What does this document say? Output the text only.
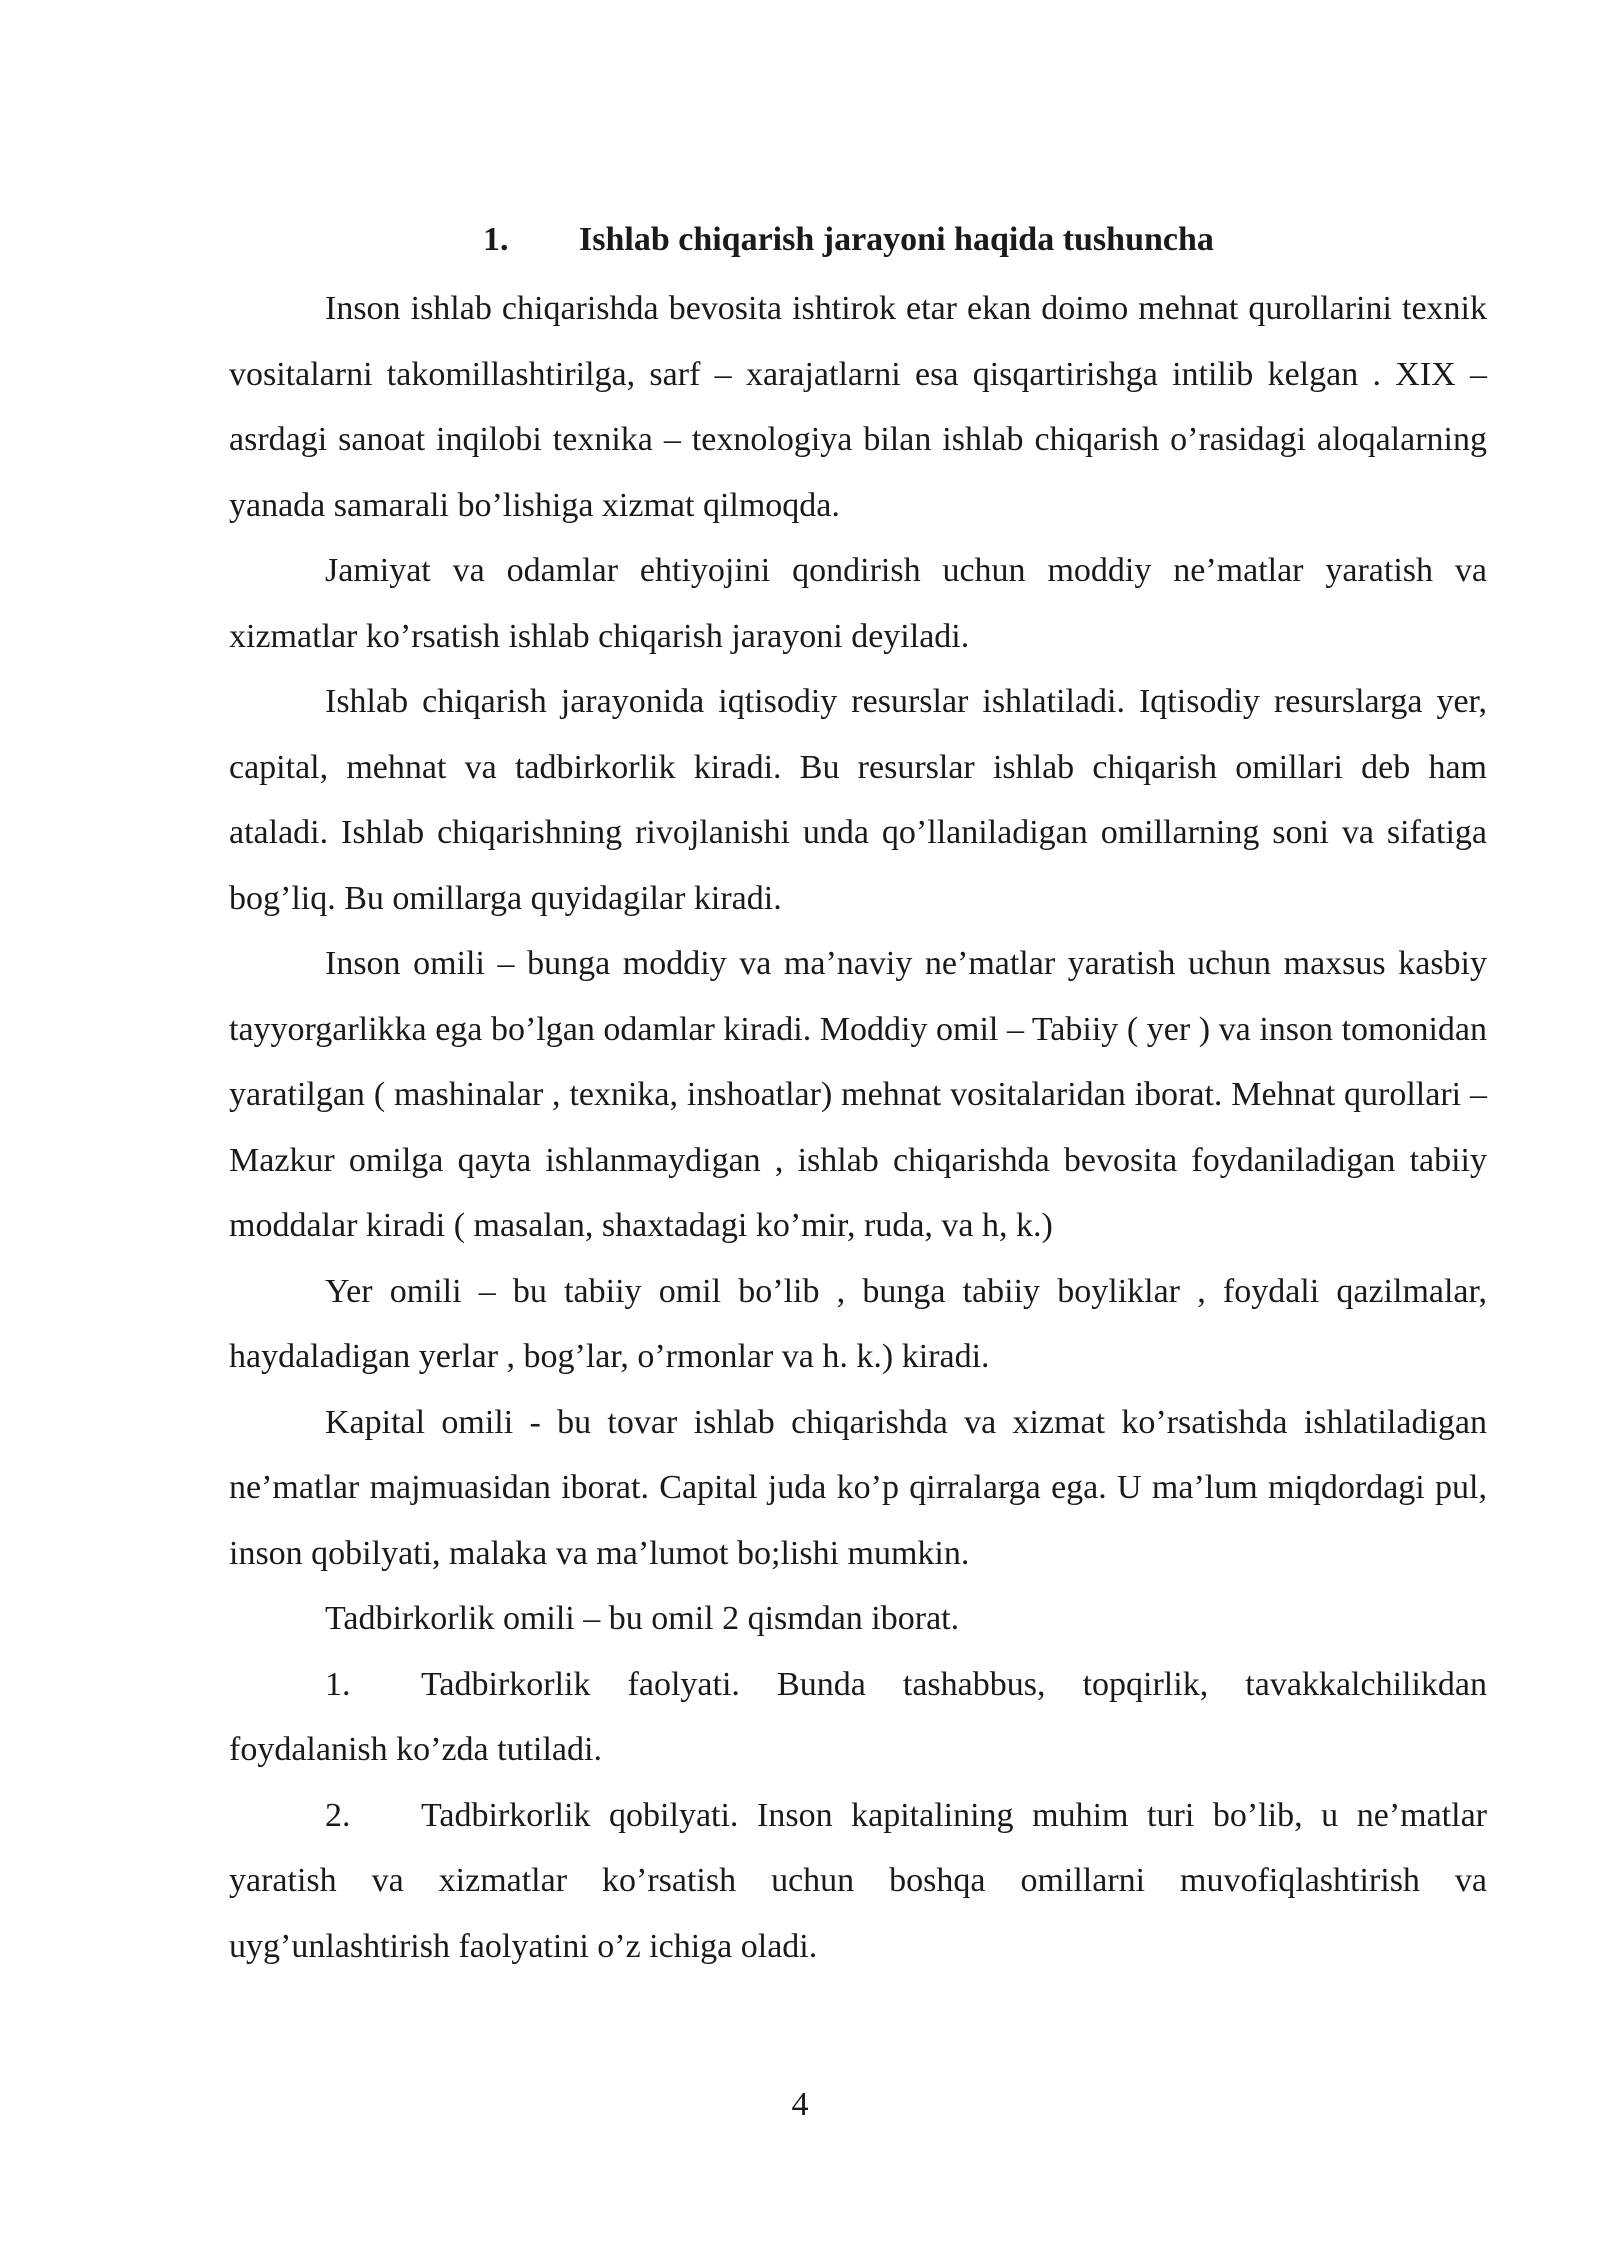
1. Ishlab chiqarish jarayoni haqida tushuncha

Inson ishlab chiqarishda bevosita ishtirok etar ekan doimo mehnat qurollarini texnik vositalarni takomillashtirilga, sarf – xarajatlarni esa qisqartirishga intilib kelgan . XIX – asrdagi sanoat inqilobi texnika – texnologiya bilan ishlab chiqarish o’rasidagi aloqalarning yanada samarali bo’lishiga xizmat qilmoqda.

Jamiyat va odamlar ehtiyojini qondirish uchun moddiy ne’matlar yaratish va xizmatlar ko’rsatish ishlab chiqarish jarayoni deyiladi.

Ishlab chiqarish jarayonida iqtisodiy resurslar ishlatiladi. Iqtisodiy resurslarga yer, capital, mehnat va tadbirkorlik kiradi. Bu resurslar ishlab chiqarish omillari deb ham ataladi. Ishlab chiqarishning rivojlanishi unda qo’llaniladigan omillarning soni va sifatiga bog’liq. Bu omillarga quyidagilar kiradi.

Inson omili – bunga moddiy va ma’naviy ne’matlar yaratish uchun maxsus kasbiy tayyorgarlikka ega bo’lgan odamlar kiradi. Moddiy omil – Tabiiy ( yer ) va inson tomonidan yaratilgan ( mashinalar , texnika, inshoatlar) mehnat vositalaridan iborat. Mehnat qurollari – Mazkur omilga qayta ishlanmaydigan , ishlab chiqarishda bevosita foydaniladigan tabiiy moddalar kiradi ( masalan, shaxtadagi ko’mir, ruda, va h, k.)

Yer omili – bu tabiiy omil bo’lib , bunga tabiiy boyliklar , foydali qazilmalar, haydaladigan yerlar , bog’lar, o’rmonlar va h. k.) kiradi.

Kapital omili - bu tovar ishlab chiqarishda va xizmat ko’rsatishda ishlatiladigan ne’matlar majmuasidan iborat. Capital juda ko’p qirralarga ega. U ma’lum miqdordagi pul, inson qobilyati, malaka va ma’lumot bo;lishi mumkin.

Tadbirkorlik omili – bu omil 2 qismdan iborat.

1. Tadbirkorlik faolyati. Bunda tashabbus, topqirlik, tavakkalchilikdan foydalanish ko’zda tutiladi.

2. Tadbirkorlik qobilyati. Inson kapitalining muhim turi bo’lib, u ne’matlar yaratish va xizmatlar ko’rsatish uchun boshqa omillarni muvofiqlashtirish va uyg’unlashtirish faolyatini o’z ichiga oladi.

4
